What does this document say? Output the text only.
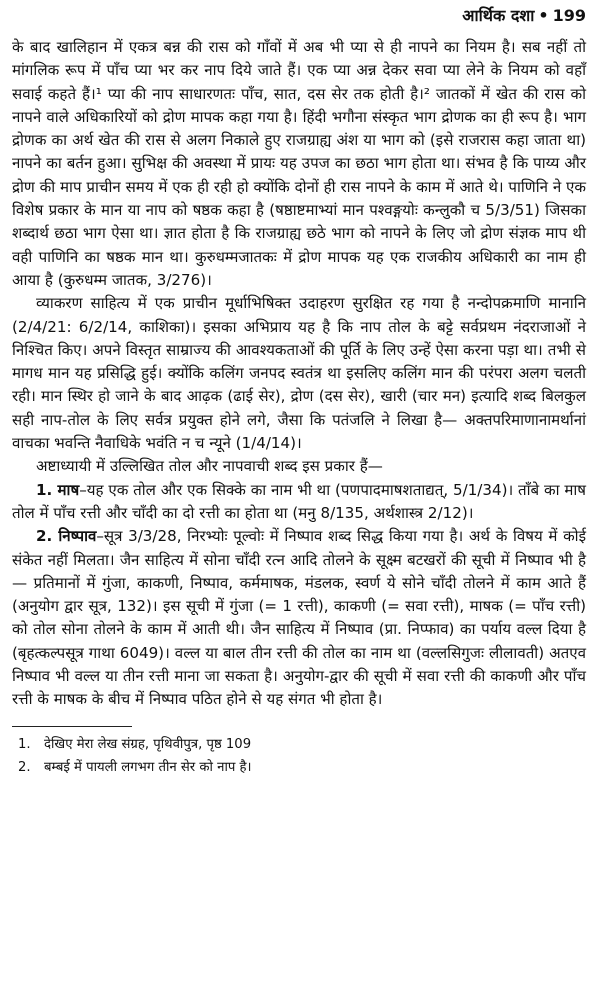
आर्थिक दशा • 199

के बाद खालिहान में एकत्र बन्न की रास को गाँवों में अब भी प्या से ही नापने का नियम है। सब नहीं तो मांगलिक रूप में पाँच प्या भर कर नाप दिये जाते हैं। एक प्या अन्न देकर सवा प्या लेने के नियम को वहाँ सवाई कहते हैं।¹ प्या की नाप साधारणतः पाँच, सात, दस सेर तक होती है।² जातकों में खेत की रास को नापने वाले अधिकारियों को द्रोण मापक कहा गया है। हिंदी भगौना संस्कृत भाग द्रोणक का ही रूप है। भाग द्रोणक का अर्थ खेत की रास से अलग निकाले हुए राजग्राह्य अंश या भाग को (इसे राजरास कहा जाता था) नापने का बर्तन हुआ। सुभिक्ष की अवस्था में प्रायः यह उपज का छठा भाग होता था। संभव है कि पाय्य और द्रोण की माप प्राचीन समय में एक ही रही हो क्योंकि दोनों ही रास नापने के काम में आते थे। पाणिनि ने एक विशेष प्रकार के मान या नाप को षष्ठक कहा है (षष्ठाष्टमाभ्यां मान पश्वङ्गयोः कन्लुकौ च 5/3/51) जिसका शब्दार्थ छठा भाग ऐसा था। ज्ञात होता है कि राजग्राह्य छठे भाग को नापने के लिए जो द्रोण संज्ञक माप थी वही पाणिनि का षष्ठक मान था। कुरुधम्मजातकः में द्रोण मापक यह एक राजकीय अधिकारी का नाम ही आया है (कुरुधम्म जातक, 3/276)।

व्याकरण साहित्य में एक प्राचीन मूर्धाभिषिक्त उदाहरण सुरक्षित रह गया है नन्दोपक्रमाणि मानानि (2/4/21: 6/2/14, काशिका)। इसका अभिप्राय यह है कि नाप तोल के बट्टे सर्वप्रथम नंदराजाओं ने निश्चित किए। अपने विस्तृत साम्राज्य की आवश्यकताओं की पूर्ति के लिए उन्हें ऐसा करना पड़ा था। तभी से मागध मान यह प्रसिद्धि हुई। क्योंकि कलिंग जनपद स्वतंत्र था इसलिए कलिंग मान की परंपरा अलग चलती रही। मान स्थिर हो जाने के बाद आढ़क (ढाई सेर), द्रोण (दस सेर), खारी (चार मन) इत्यादि शब्द बिलकुल सही नाप-तोल के लिए सर्वत्र प्रयुक्त होने लगे, जैसा कि पतंजलि ने लिखा है— अक्तपरिमाणानामर्थानां वाचका भवन्ति नैवाधिके भवंति न च न्यूने (1/4/14)।

अष्टाध्यायी में उल्लिखित तोल और नापवाची शब्द इस प्रकार हैं—

1. माष–यह एक तोल और एक सिक्के का नाम भी था (पणपादमाषशताद्यत्, 5/1/34)। ताँबे का माष तोल में पाँच रत्ती और चाँदी का दो रत्ती का होता था (मनु 8/135, अर्थशास्त्र 2/12)।

2. निष्पाव–सूत्र 3/3/28, निरभ्योः पूल्वोः में निष्पाव शब्द सिद्ध किया गया है। अर्थ के विषय में कोई संकेत नहीं मिलता। जैन साहित्य में सोना चाँदी रत्न आदि तोलने के सूक्ष्म बटखरों की सूची में निष्पाव भी है— प्रतिमानों में गुंजा, काकणी, निष्पाव, कर्ममाषक, मंडलक, स्वर्ण ये सोने चाँदी तोलने में काम आते हैं (अनुयोग द्वार सूत्र, 132)। इस सूची में गुंजा (= 1 रत्ती), काकणी (= सवा रत्ती), माषक (= पाँच रत्ती) को तोल सोना तोलने के काम में आती थी। जैन साहित्य में निष्पाव (प्रा. निप्फाव) का पर्याय वल्ल दिया है (बृहत्कल्पसूत्र गाथा 6049)। वल्ल या बाल तीन रत्ती की तोल का नाम था (वल्लसिगुजः लीलावती) अतएव निष्पाव भी वल्ल या तीन रत्ती माना जा सकता है। अनुयोग-द्वार की सूची में सवा रत्ती की काकणी और पाँच रत्ती के माषक के बीच में निष्पाव पठित होने से यह संगत भी होता है।

1.	देखिए मेरा लेख संग्रह, पृथिवीपुत्र, पृष्ठ 109
2.	बम्बई में पायली लगभग तीन सेर को नाप है।
